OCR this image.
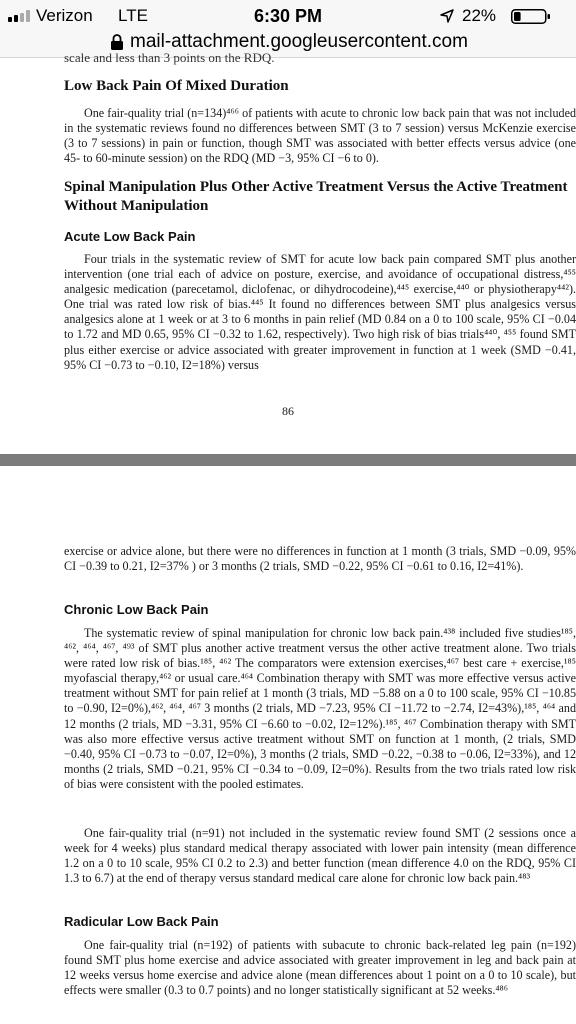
Verizon LTE	6:30 PM	22%
mail-attachment.googleusercontent.com
scale and less than 3 points on the RDQ.
Low Back Pain Of Mixed Duration

One fair-quality trial (n=134)⁴⁶⁶ of patients with acute to chronic low back pain that was not included in the systematic reviews found no differences between SMT (3 to 7 session) versus McKenzie exercise (3 to 7 sessions) in pain or function, though SMT was associated with better effects versus advice (one 45- to 60-minute session) on the RDQ (MD −3, 95% CI −6 to 0).

Spinal Manipulation Plus Other Active Treatment Versus the Active Treatment Without Manipulation
Acute Low Back Pain

Four trials in the systematic review of SMT for acute low back pain compared SMT plus another intervention (one trial each of advice on posture, exercise, and avoidance of occupational distress,⁴⁵⁵ analgesic medication (parecetamol, diclofenac, or dihydrocodeine),⁴⁴⁵ exercise,⁴⁴⁰ or physiotherapy⁴⁴²). One trial was rated low risk of bias.⁴⁴⁵ It found no differences between SMT plus analgesics versus analgesics alone at 1 week or at 3 to 6 months in pain relief (MD 0.84 on a 0 to 100 scale, 95% CI −0.04 to 1.72 and MD 0.65, 95% CI −0.32 to 1.62, respectively). Two high risk of bias trials⁴⁴⁰, ⁴⁵⁵ found SMT plus either exercise or advice associated with greater improvement in function at 1 week (SMD −0.41, 95% CI −0.73 to −0.10, I2=18%) versus

86

exercise or advice alone, but there were no differences in function at 1 month (3 trials, SMD −0.09, 95% CI −0.39 to 0.21, I2=37% ) or 3 months (2 trials, SMD −0.22, 95% CI −0.61 to 0.16, I2=41%).

Chronic Low Back Pain

The systematic review of spinal manipulation for chronic low back pain.⁴³⁸ included five studies¹⁸⁵, ⁴⁶², ⁴⁶⁴, ⁴⁶⁷, ⁴⁹³ of SMT plus another active treatment versus the other active treatment alone. Two trials were rated low risk of bias.¹⁸⁵, ⁴⁶² The comparators were extension exercises,⁴⁶⁷ best care + exercise,¹⁸⁵ myofascial therapy,⁴⁶² or usual care.⁴⁶⁴ Combination therapy with SMT was more effective versus active treatment without SMT for pain relief at 1 month (3 trials, MD −5.88 on a 0 to 100 scale, 95% CI −10.85 to −0.90, I2=0%),⁴⁶², ⁴⁶⁴, ⁴⁶⁷ 3 months (2 trials, MD −7.23, 95% CI −11.72 to −2.74, I2=43%),¹⁸⁵, ⁴⁶⁴ and 12 months (2 trials, MD −3.31, 95% CI −6.60 to −0.02, I2=12%).¹⁸⁵, ⁴⁶⁷ Combination therapy with SMT was also more effective versus active treatment without SMT on function at 1 month, (2 trials, SMD −0.40, 95% CI −0.73 to −0.07, I2=0%), 3 months (2 trials, SMD −0.22, −0.38 to −0.06, I2=33%), and 12 months (2 trials, SMD −0.21, 95% CI −0.34 to −0.09, I2=0%). Results from the two trials rated low risk of bias were consistent with the pooled estimates.

One fair-quality trial (n=91) not included in the systematic review found SMT (2 sessions once a week for 4 weeks) plus standard medical therapy associated with lower pain intensity (mean difference 1.2 on a 0 to 10 scale, 95% CI 0.2 to 2.3) and better function (mean difference 4.0 on the RDQ, 95% CI 1.3 to 6.7) at the end of therapy versus standard medical care alone for chronic low back pain.⁴⁸³

Radicular Low Back Pain

One fair-quality trial (n=192) of patients with subacute to chronic back-related leg pain (n=192) found SMT plus home exercise and advice associated with greater improvement in leg and back pain at 12 weeks versus home exercise and advice alone (mean differences about 1 point on a 0 to 10 scale), but effects were smaller (0.3 to 0.7 points) and no longer statistically significant at 52 weeks.⁴⁸⁶
